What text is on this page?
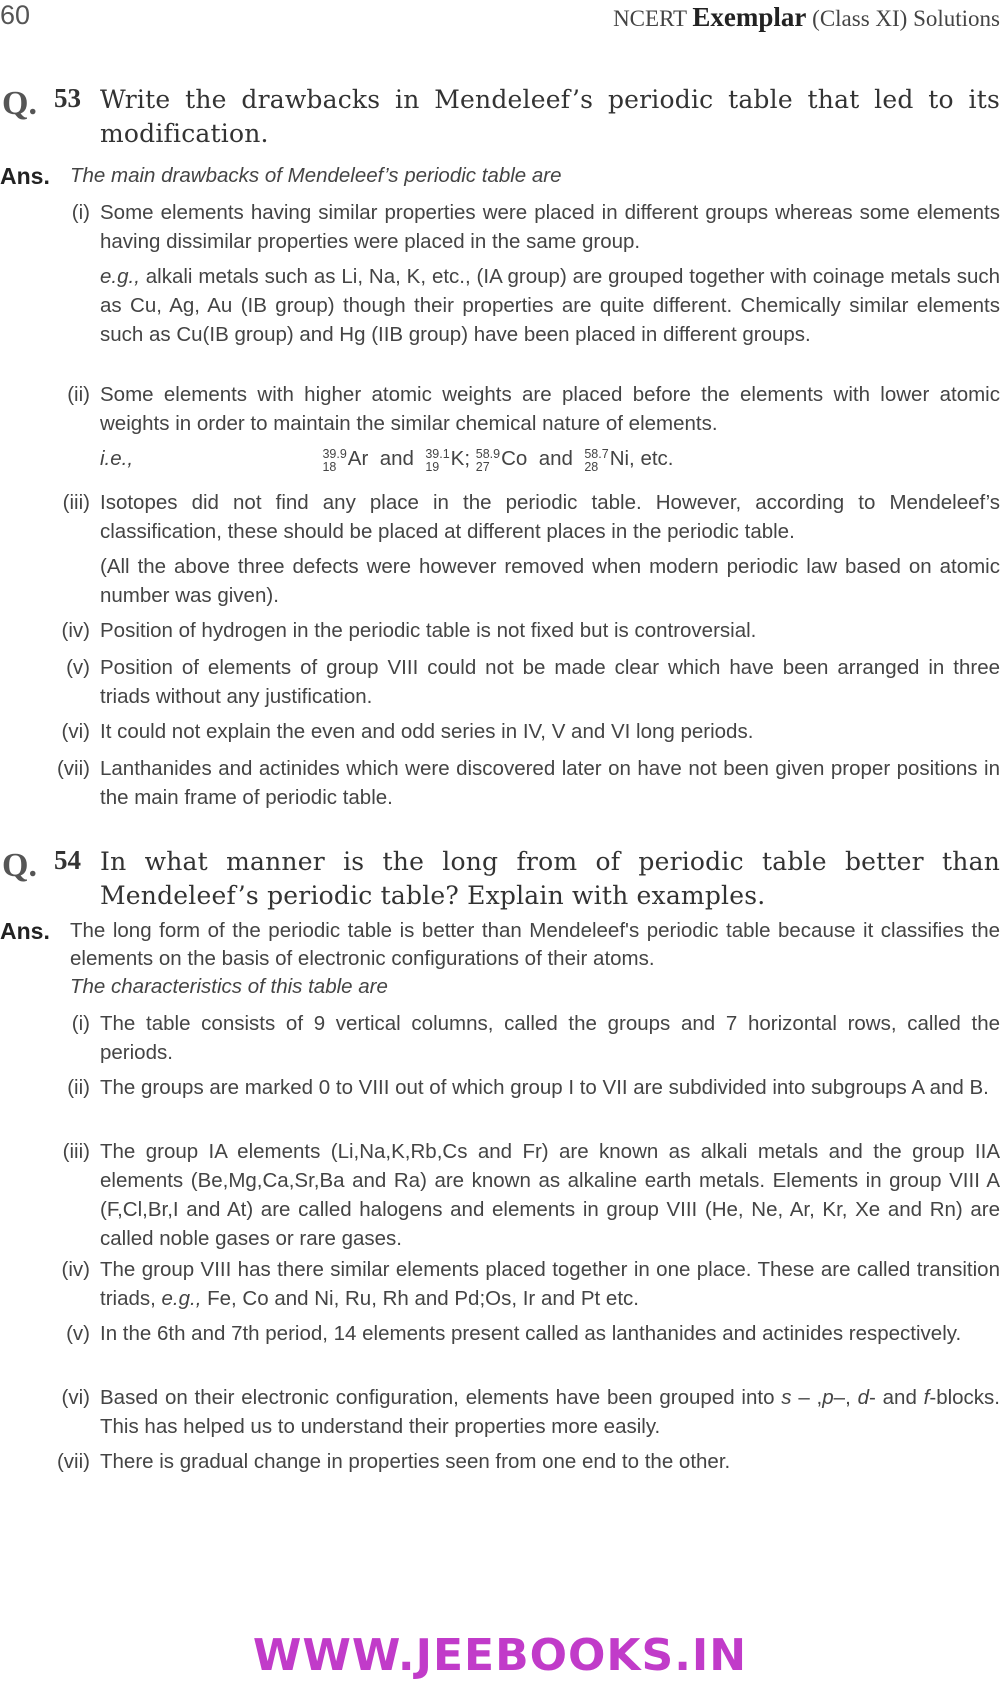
60	NCERT Exemplar (Class XI) Solutions
Q. 53 Write the drawbacks in Mendeleef’s periodic table that led to its modification.
Ans. The main drawbacks of Mendeleef’s periodic table are
(i) Some elements having similar properties were placed in different groups whereas some elements having dissimilar properties were placed in the same group.
e.g., alkali metals such as Li, Na, K, etc., (IA group) are grouped together with coinage metals such as Cu, Ag, Au (IB group) though their properties are quite different. Chemically similar elements such as Cu(IB group) and Hg (IIB group) have been placed in different groups.
(ii) Some elements with higher atomic weights are placed before the elements with lower atomic weights in order to maintain the similar chemical nature of elements.
i.e.,	39.9
18 Ar and 39.1
19 K; 58.9
27 Co and 58.7
28 Ni, etc.
(iii) Isotopes did not find any place in the periodic table. However, according to Mendeleef’s classification, these should be placed at different places in the periodic table.
(All the above three defects were however removed when modern periodic law based on atomic number was given).
(iv) Position of hydrogen in the periodic table is not fixed but is controversial.
(v) Position of elements of group VIII could not be made clear which have been arranged in three triads without any justification.
(vi) It could not explain the even and odd series in IV, V and VI long periods.
(vii) Lanthanides and actinides which were discovered later on have not been given proper positions in the main frame of periodic table.
Q. 54 In what manner is the long from of periodic table better than Mendeleef’s periodic table? Explain with examples.
Ans. The long form of the periodic table is better than Mendeleef's periodic table because it classifies the elements on the basis of electronic configurations of their atoms.
The characteristics of this table are
(i) The table consists of 9 vertical columns, called the groups and 7 horizontal rows, called the periods.
(ii) The groups are marked 0 to VIII out of which group I to VII are subdivided into subgroups A and B.
(iii) The group IA elements (Li,Na,K,Rb,Cs and Fr) are known as alkali metals and the group IIA elements (Be,Mg,Ca,Sr,Ba and Ra) are known as alkaline earth metals. Elements in group VIII A (F,Cl,Br,I and At) are called halogens and elements in group VIII (He, Ne, Ar, Kr, Xe and Rn) are called noble gases or rare gases.
(iv) The group VIII has there similar elements placed together in one place. These are called transition triads, e.g., Fe, Co and Ni, Ru, Rh and Pd;Os, Ir and Pt etc.
(v) In the 6th and 7th period, 14 elements present called as lanthanides and actinides respectively.
(vi) Based on their electronic configuration, elements have been grouped into s – ,p–, d- and f-blocks. This has helped us to understand their properties more easily.
(vii) There is gradual change in properties seen from one end to the other.
WWW.JEEBOOKS.IN
